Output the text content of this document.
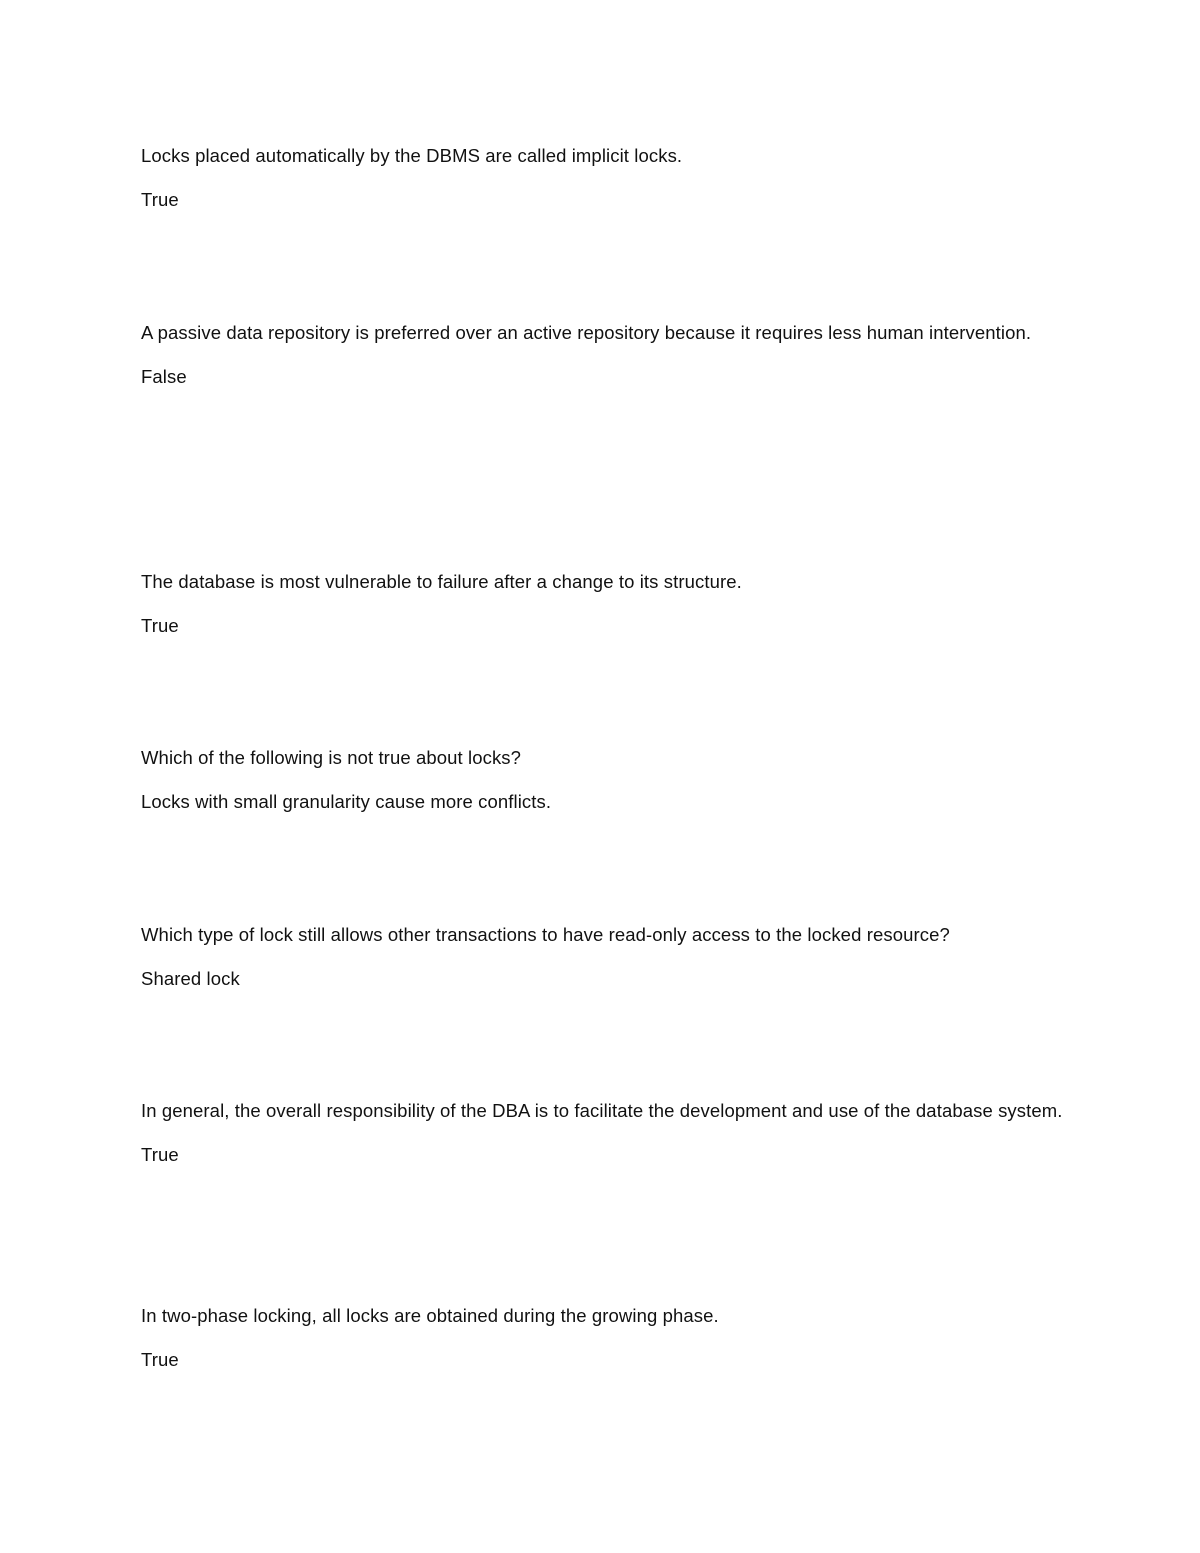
Locks placed automatically by the DBMS are called implicit locks.

True

A passive data repository is preferred over an active repository because it requires less human intervention.

False

The database is most vulnerable to failure after a change to its structure.

True

Which of the following is not true about locks?

Locks with small granularity cause more conflicts.

Which type of lock still allows other transactions to have read-only access to the locked resource?

Shared lock

In general, the overall responsibility of the DBA is to facilitate the development and use of the database system.

True

In two-phase locking, all locks are obtained during the growing phase.

True
